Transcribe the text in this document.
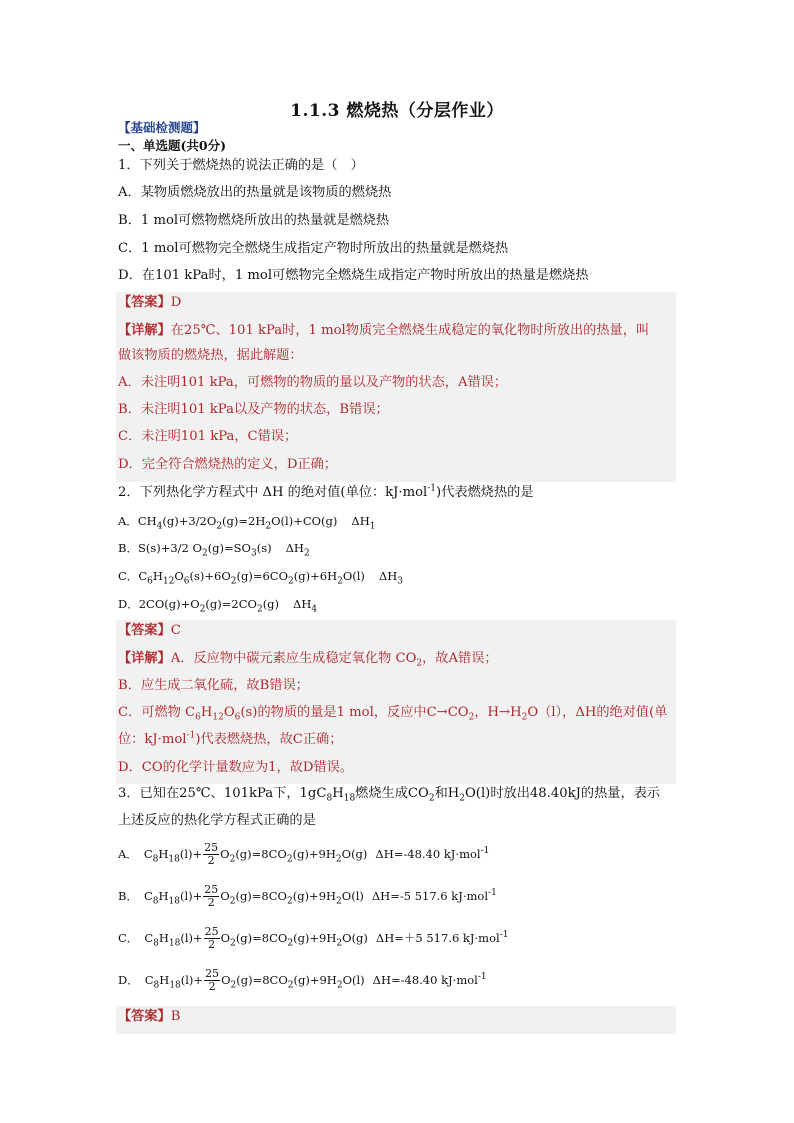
1.1.3 燃烧热（分层作业）
【基础检测题】
一、单选题(共0分)
1．下列关于燃烧热的说法正确的是（　）
A．某物质燃烧放出的热量就是该物质的燃烧热
B．1 mol可燃物燃烧所放出的热量就是燃烧热
C．1 mol可燃物完全燃烧生成指定产物时所放出的热量就是燃烧热
D．在101 kPa时，1 mol可燃物完全燃烧生成指定产物时所放出的热量是燃烧热
【答案】D
【详解】在25℃、101 kPa时，1 mol物质完全燃烧生成稳定的氧化物时所放出的热量，叫
做该物质的燃烧热，据此解题：
A．未注明101 kPa，可燃物的物质的量以及产物的状态，A错误；
B．未注明101 kPa以及产物的状态，B错误；
C．未注明101 kPa，C错误；
D．完全符合燃烧热的定义，D正确；
2．下列热化学方程式中 ΔH 的绝对值(单位：kJ·mol$^{-1}$)代表燃烧热的是
A．$CH_4(g)+3/2O_2(g)=2H_2O(l)+CO(g)$ $\Delta H_1$
B．S(s)+3/2 $O_2(g)=SO_3(s)$ $\Delta H_2$
C．$C_6H_{12}O_6(s)+6O_2(g)=6CO_2(g)+6H_2O(l)$ $\Delta H_3$
D．$2CO(g)+O_2(g)=2CO_2(g)$ $\Delta H_4$
【答案】C
【详解】A．反应物中碳元素应生成稳定氧化物 $CO_2$，故A错误；
B．应生成二氧化硫，故B错误；
C．可燃物 $C_6H_{12}O_6(s)$的物质的量是1 mol，反应中$C\to CO_2$，$H\to H_2O(l)$，ΔH的绝对值(单
位：kJ·mol$^{-1}$)代表燃烧热，故C正确；
D．CO的化学计量数应为1，故D错误。
3．已知在25℃、101kPa下，$1gC_8H_{18}$燃烧生成$CO_2$和$H_2O(l)$时放出48.40kJ的热量，表示
上述反应的热化学方程式正确的是
A． $C_8H_{18}(l)+ \frac{25}{2} O_2(g)=8CO_2(g)+9H_2O(g)$ ΔH=-48.40 kJ·mol$^{-1}$
B． $C_8H_{18}(l)+ \frac{25}{2} O_2(g)=8CO_2(g)+9H_2O(l)$ ΔH=-5 517.6 kJ·mol$^{-1}$
C． $C_8H_{18}(l)+ \frac{25}{2} O_2(g)=8CO_2(g)+9H_2O(g)$ ΔH=＋5 517.6 kJ·mol$^{-1}$
D． $C_8H_{18}(l)+ \frac{25}{2} O_2(g)=8CO_2(g)+9H_2O(l)$ ΔH=-48.40 kJ·mol$^{-1}$
【答案】B
